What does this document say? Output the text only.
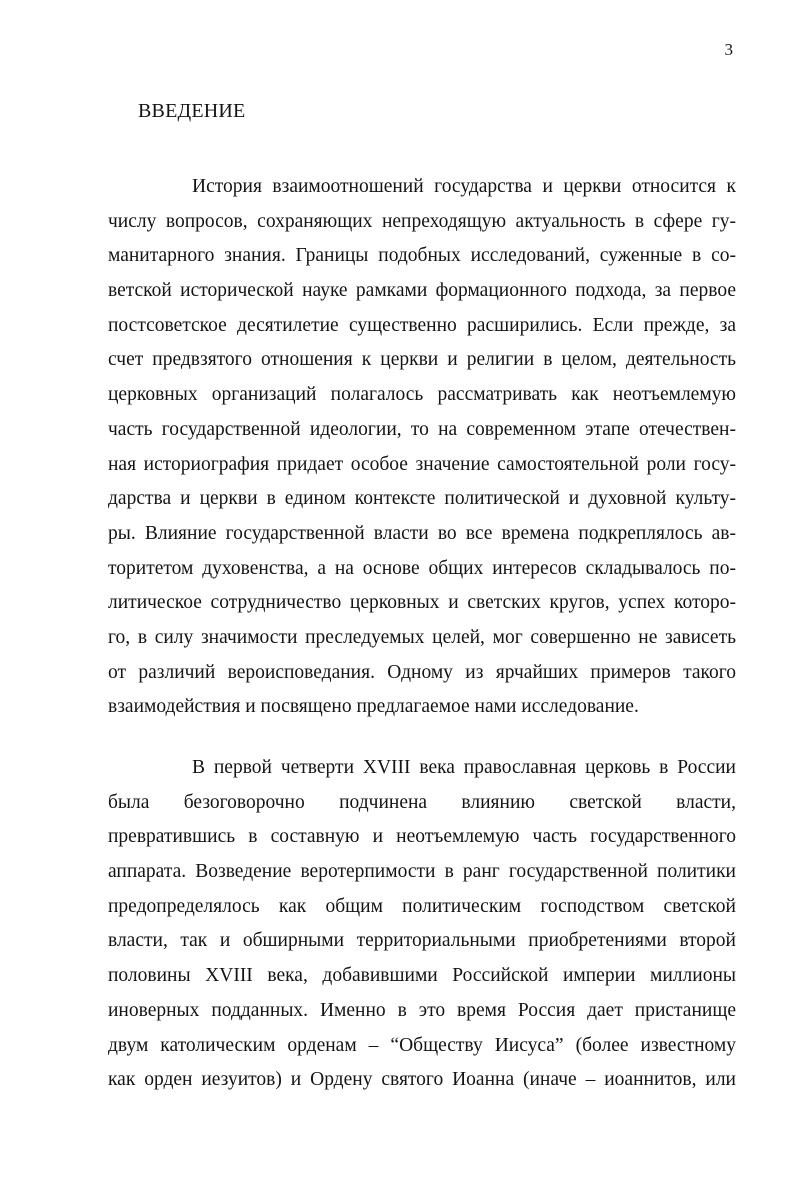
3
ВВЕДЕНИЕ
История взаимоотношений государства и церкви относится к
числу вопросов, сохраняющих непреходящую актуальность в сфере гу-
манитарного знания. Границы подобных исследований, суженные в со-
ветской исторической науке рамками формационного подхода, за первое
постсоветское десятилетие существенно расширились. Если прежде, за
счет предвзятого отношения к церкви и религии в целом, деятельность
церковных организаций полагалось рассматривать как неотъемлемую
часть государственной идеологии, то на современном этапе отечествен-
ная историография придает особое значение самостоятельной роли госу-
дарства и церкви в едином контексте политической и духовной культу-
ры. Влияние государственной власти во все времена подкреплялось ав-
торитетом духовенства, а на основе общих интересов складывалось по-
литическое сотрудничество церковных и светских кругов, успех которо-
го, в силу значимости преследуемых целей, мог совершенно не зависеть
от различий вероисповедания. Одному из ярчайших примеров такого
взаимодействия и посвящено предлагаемое нами исследование.
В первой четверти XVIII века православная церковь в России
была безоговорочно подчинена влиянию светской власти,
превратившись в составную и неотъемлемую часть государственного
аппарата. Возведение веротерпимости в ранг государственной политики
предопределялось как общим политическим господством светской
власти, так и обширными территориальными приобретениями второй
половины XVIII века, добавившими Российской империи миллионы
иноверных подданных. Именно в это время Россия дает пристанище
двум католическим орденам – “Обществу Иисуса” (более известному
как орден иезуитов) и Ордену святого Иоанна (иначе – иоаннитов, или
